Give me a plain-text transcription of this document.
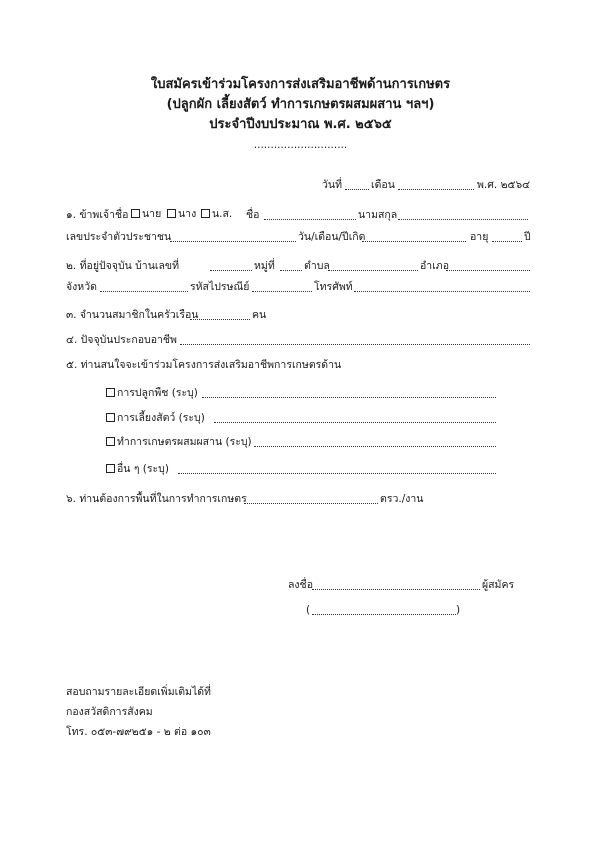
ใบสมัครเข้าร่วมโครงการส่งเสริมอาชีพด้านการเกษตร
(ปลูกผัก เลี้ยงสัตว์ ทำการเกษตรผสมผสาน ฯลฯ)
ประจำปีงบประมาณ พ.ศ. ๒๕๖๕
............................
วันที่	เดือน	พ.ศ. ๒๕๖๔
๑. ข้าพเจ้าชื่อ	นาย	นาง	น.ส. ชื่อ	นามสกุล
เลขประจำตัวประชาชน	วัน/เดือน/ปีเกิด	อายุ	ปี
๒. ที่อยู่ปัจจุบัน บ้านเลขที่	หมู่ที่	ตำบล	อำเภอ
จังหวัด	รหัสไปรษณีย์	โทรศัพท์
๓. จำนวนสมาชิกในครัวเรือน	คน
๔. ปัจจุบันประกอบอาชีพ
๕. ท่านสนใจจะเข้าร่วมโครงการส่งเสริมอาชีพการเกษตรด้าน
การปลูกพืช (ระบุ)
การเลี้ยงสัตว์ (ระบุ)
ทำการเกษตรผสมผสาน (ระบุ)
อื่น ๆ (ระบุ)
๖. ท่านต้องการพื้นที่ในการทำการเกษตร	ตรว./งาน
ลงชื่อ	ผู้สมัคร
(	)
สอบถามรายละเอียดเพิ่มเติมได้ที่
กองสวัสดิการสังคม
โทร. ๐๕๓-๗๙๒๕๑ - ๒ ต่อ ๑๐๓
